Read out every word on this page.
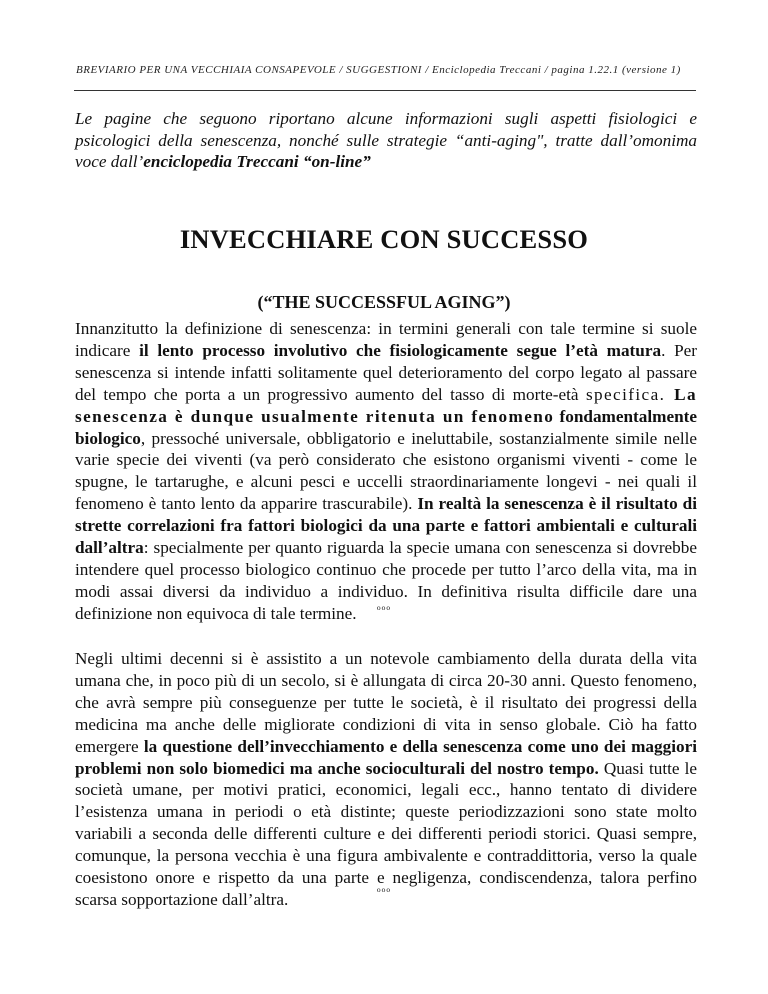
BREVIARIO PER UNA VECCHIAIA CONSAPEVOLE / SUGGESTIONI / Enciclopedia Treccani / pagina 1.22.1 (versione 1)

Le pagine che seguono riportano alcune informazioni sugli aspetti fisiologici e psicologici della senescenza, nonché sulle strategie “anti-aging", tratte dall’omonima voce dall’enciclopedia Treccani “on-line”

INVECCHIARE CON SUCCESSO
(“THE SUCCESSFUL AGING”)

Innanzitutto la definizione di senescenza: in termini generali con tale termine si suole indicare il lento processo involutivo che fisiologicamente segue l’età matura. Per senescenza si intende infatti solitamente quel deterioramento del corpo legato al passare del tempo che porta a un progressivo aumento del tasso di morte-età specifica. La senescenza è dunque usualmente ritenuta un fenomeno fondamentalmente biologico, pressoché universale, obbligatorio e ineluttabile, sostanzialmente simile nelle varie specie dei viventi (va però considerato che esistono organismi viventi - come le spugne, le tartarughe, e alcuni pesci e uccelli straordinariamente longevi - nei quali il fenomeno è tanto lento da apparire trascurabile). In realtà la senescenza è il risultato di strette correlazioni fra fattori biologici da una parte e fattori ambientali e culturali dall’altra: specialmente per quanto riguarda la specie umana con senescenza si dovrebbe intendere quel processo biologico continuo che procede per tutto l’arco della vita, ma in modi assai diversi da individuo a individuo. In definitiva risulta difficile dare una definizione non equivoca di tale termine.	ººº

Negli ultimi decenni si è assistito a un notevole cambiamento della durata della vita umana che, in poco più di un secolo, si è allungata di circa 20-30 anni. Questo fenomeno, che avrà sempre più conseguenze per tutte le società, è il risultato dei progressi della medicina ma anche delle migliorate condizioni di vita in senso globale. Ciò ha fatto emergere la questione dell’invecchiamento e della senescenza come uno dei maggiori problemi non solo biomedici ma anche socioculturali del nostro tempo. Quasi tutte le società umane, per motivi pratici, economici, legali ecc., hanno tentato di dividere l’esistenza umana in periodi o età distinte; queste periodizzazioni sono state molto variabili a seconda delle differenti culture e dei differenti periodi storici. Quasi sempre, comunque, la persona vecchia è una figura ambivalente e contraddittoria, verso la quale coesistono onore e rispetto da una parte e negligenza, condiscendenza, talora perfino scarsa sopportazione dall’altra.	ººº
